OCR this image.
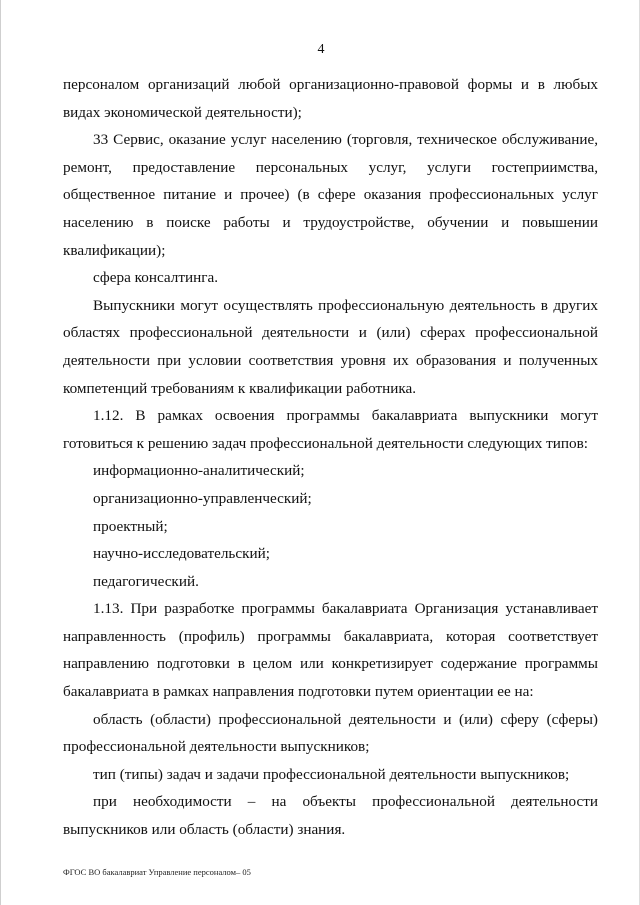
4

персоналом организаций любой организационно-правовой формы и в любых видах экономической деятельности);

33 Сервис, оказание услуг населению (торговля, техническое обслуживание, ремонт, предоставление персональных услуг, услуги гостеприимства, общественное питание и прочее) (в сфере оказания профессиональных услуг населению в поиске работы и трудоустройстве, обучении и повышении квалификации);

сфера консалтинга.

Выпускники могут осуществлять профессиональную деятельность в других областях профессиональной деятельности и (или) сферах профессиональной деятельности при условии соответствия уровня их образования и полученных компетенций требованиям к квалификации работника.

1.12. В рамках освоения программы бакалавриата выпускники могут готовиться к решению задач профессиональной деятельности следующих типов:

информационно-аналитический;

организационно-управленческий;

проектный;

научно-исследовательский;

педагогический.

1.13. При разработке программы бакалавриата Организация устанавливает направленность (профиль) программы бакалавриата, которая соответствует направлению подготовки в целом или конкретизирует содержание программы бакалавриата в рамках направления подготовки путем ориентации ее на:

область (области) профессиональной деятельности и (или) сферу (сферы) профессиональной деятельности выпускников;

тип (типы) задач и задачи профессиональной деятельности выпускников;

при необходимости – на объекты профессиональной деятельности выпускников или область (области) знания.

ФГОС ВО бакалавриат Управление персоналом– 05
